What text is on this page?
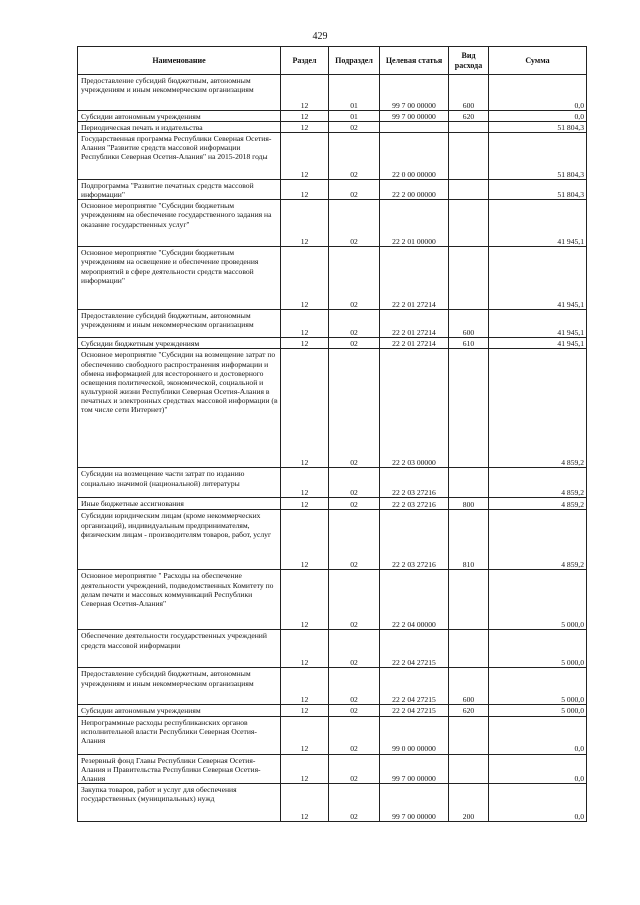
429
Наименование	Раздел	Подраздел	Целевая статья	Вид расхода	Сумма
Предоставление субсидий бюджетным, автономным учреждениям и иным некоммерческим организациям	12	01	99 7 00 00000	600	0,0
Субсидии автономным учреждениям	12	01	99 7 00 00000	620	0,0
Периодическая печать и издательства	12	02			51 804,3
Государственная программа Республики Северная Осетия-Алания "Развитие средств массовой информации Республики Северная Осетия-Алания" на 2015-2018 годы	12	02	22 0 00 00000		51 804,3
Подпрограмма "Развитие печатных средств массовой информации"	12	02	22 2 00 00000		51 804,3
Основное мероприятие "Субсидии бюджетным учреждениям на обеспечение государственного задания на оказание государственных услуг"	12	02	22 2 01 00000		41 945,1
Основное мероприятие "Субсидии бюджетным учреждениям на освещение и обеспечение проведения мероприятий в сфере деятельности средств массовой информации"	12	02	22 2 01 27214		41 945,1
Предоставление субсидий бюджетным, автономным учреждениям и иным некоммерческим организациям	12	02	22 2 01 27214	600	41 945,1
Субсидии бюджетным учреждениям	12	02	22 2 01 27214	610	41 945,1
Основное мероприятие "Субсидии на возмещение затрат по обеспечению свободного распространения информации и обмена информацией для всестороннего и достоверного освещения политической, экономической, социальной и культурной жизни Республики Северная Осетия-Алания в печатных и электронных средствах массовой информации (в том числе сети Интернет)"	12	02	22 2 03 00000		4 859,2
Субсидии на возмещение части затрат по изданию социально значимой (национальной) литературы	12	02	22 2 03 27216		4 859,2
Иные бюджетные ассигнования	12	02	22 2 03 27216	800	4 859,2
Субсидии юридическим лицам (кроме некоммерческих организаций), индивидуальным предпринимателям, физическим лицам - производителям товаров, работ, услуг	12	02	22 2 03 27216	810	4 859,2
Основное мероприятие " Расходы на обеспечение деятельности учреждений, подведомственных Комитету по делам печати и массовых коммуникаций Республики Северная Осетия-Алания"	12	02	22 2 04 00000		5 000,0
Обеспечение деятельности государственных учреждений средств массовой информации	12	02	22 2 04 27215		5 000,0
Предоставление субсидий бюджетным, автономным учреждениям и иным некоммерческим организациям	12	02	22 2 04 27215	600	5 000,0
Субсидии автономным учреждениям	12	02	22 2 04 27215	620	5 000,0
Непрограммные расходы республиканских органов исполнительной власти Республики Северная Осетия-Алания	12	02	99 0 00 00000		0,0
Резервный фонд Главы Республики Северная Осетия-Алания и Правительства Республики Северная Осетия-Алания	12	02	99 7 00 00000		0,0
Закупка товаров, работ и услуг для обеспечения государственных (муниципальных) нужд	12	02	99 7 00 00000	200	0,0
